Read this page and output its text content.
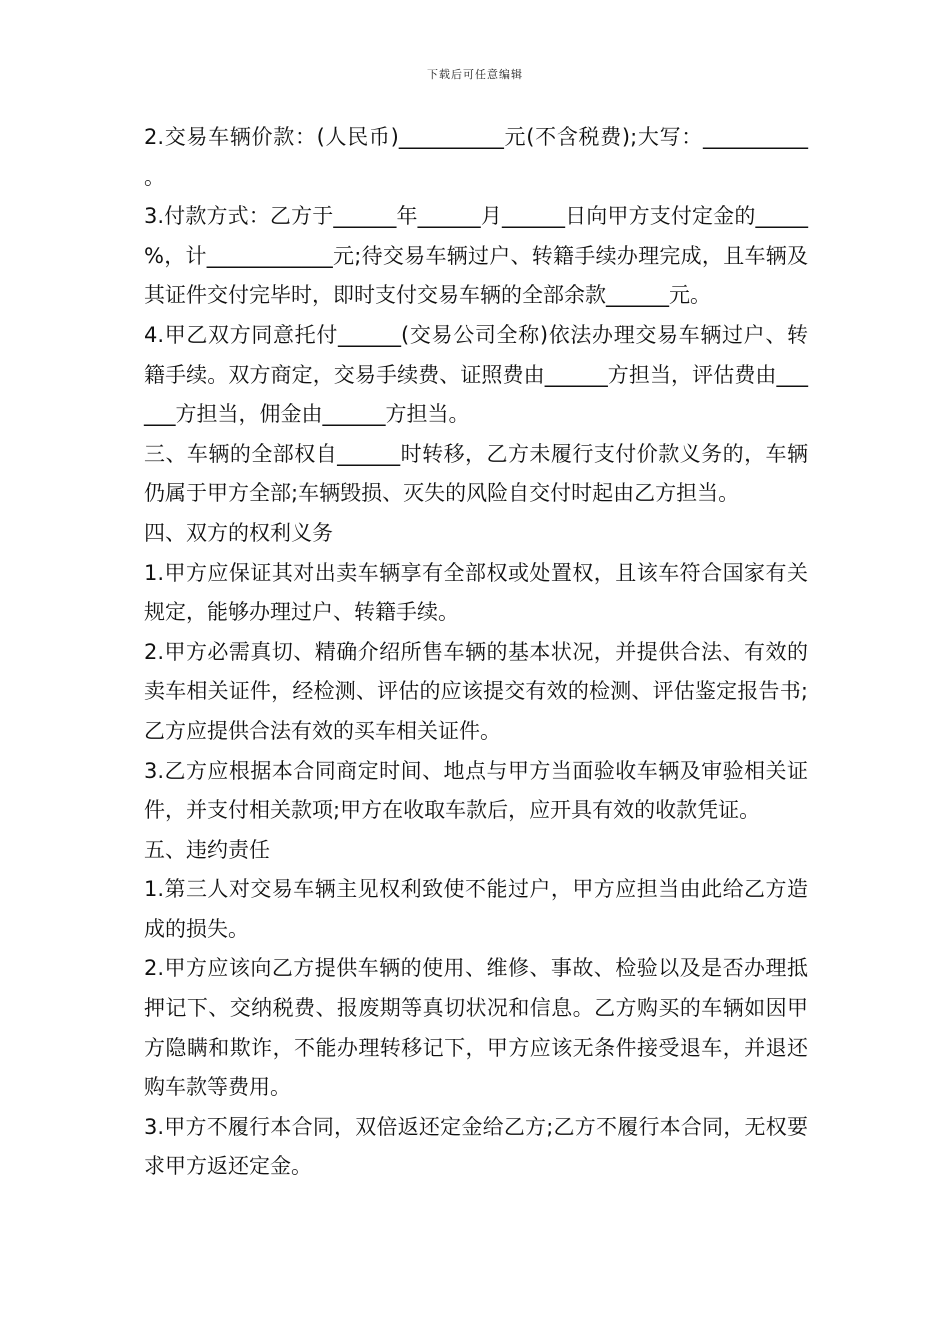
下载后可任意编辑

2.交易车辆价款：(人民币)__________元(不含税费);大写：__________。

3.付款方式：乙方于______年______月______日向甲方支付定金的_____%，计____________元;待交易车辆过户、转籍手续办理完成，且车辆及其证件交付完毕时，即时支付交易车辆的全部余款______元。

4.甲乙双方同意托付______(交易公司全称)依法办理交易车辆过户、转籍手续。双方商定，交易手续费、证照费由______方担当，评估费由______方担当，佣金由______方担当。

三、车辆的全部权自______时转移，乙方未履行支付价款义务的，车辆仍属于甲方全部;车辆毁损、灭失的风险自交付时起由乙方担当。

四、双方的权利义务

1.甲方应保证其对出卖车辆享有全部权或处置权，且该车符合国家有关规定，能够办理过户、转籍手续。

2.甲方必需真切、精确介绍所售车辆的基本状况，并提供合法、有效的卖车相关证件，经检测、评估的应该提交有效的检测、评估鉴定报告书;乙方应提供合法有效的买车相关证件。

3.乙方应根据本合同商定时间、地点与甲方当面验收车辆及审验相关证件，并支付相关款项;甲方在收取车款后，应开具有效的收款凭证。

五、违约责任

1.第三人对交易车辆主见权利致使不能过户，甲方应担当由此给乙方造成的损失。

2.甲方应该向乙方提供车辆的使用、维修、事故、检验以及是否办理抵押记下、交纳税费、报废期等真切状况和信息。乙方购买的车辆如因甲方隐瞒和欺诈，不能办理转移记下，甲方应该无条件接受退车，并退还购车款等费用。

3.甲方不履行本合同，双倍返还定金给乙方;乙方不履行本合同，无权要求甲方返还定金。
